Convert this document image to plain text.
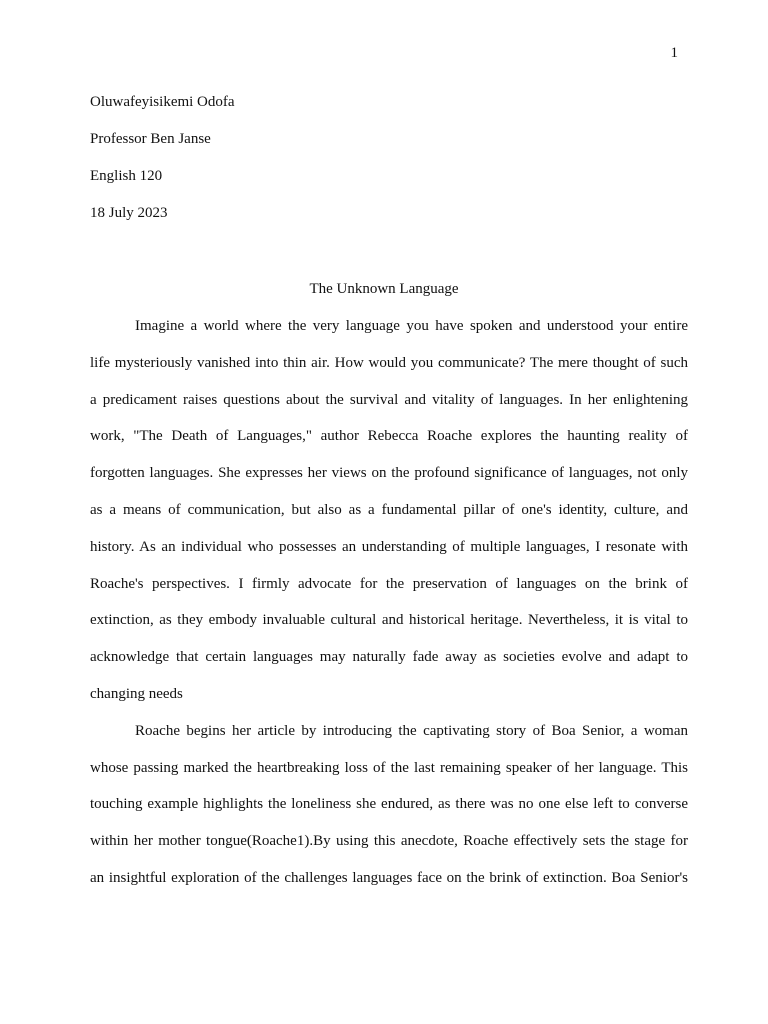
1
Oluwafeyisikemi Odofa
Professor Ben Janse
English 120
18 July 2023
The Unknown Language
Imagine a world where the very language you have spoken and understood your entire
life mysteriously vanished into thin air. How would you communicate? The mere thought of such
a predicament raises questions about the survival and vitality of languages. In her enlightening
work, "The Death of Languages," author Rebecca Roache explores the haunting reality of
forgotten languages. She expresses her views on the profound significance of languages, not only
as a means of communication, but also as a fundamental pillar of one's identity, culture, and
history. As an individual who possesses an understanding of multiple languages, I resonate with
Roache's perspectives. I firmly advocate for the preservation of languages on the brink of
extinction, as they embody invaluable cultural and historical heritage. Nevertheless, it is vital to
acknowledge that certain languages may naturally fade away as societies evolve and adapt to
changing needs
Roache begins her article by introducing the captivating story of Boa Senior, a woman
whose passing marked the heartbreaking loss of the last remaining speaker of her language. This
touching example highlights the loneliness she endured, as there was no one else left to converse
within her mother tongue(Roache1).By using this anecdote, Roache effectively sets the stage for
an insightful exploration of the challenges languages face on the brink of extinction. Boa Senior's
